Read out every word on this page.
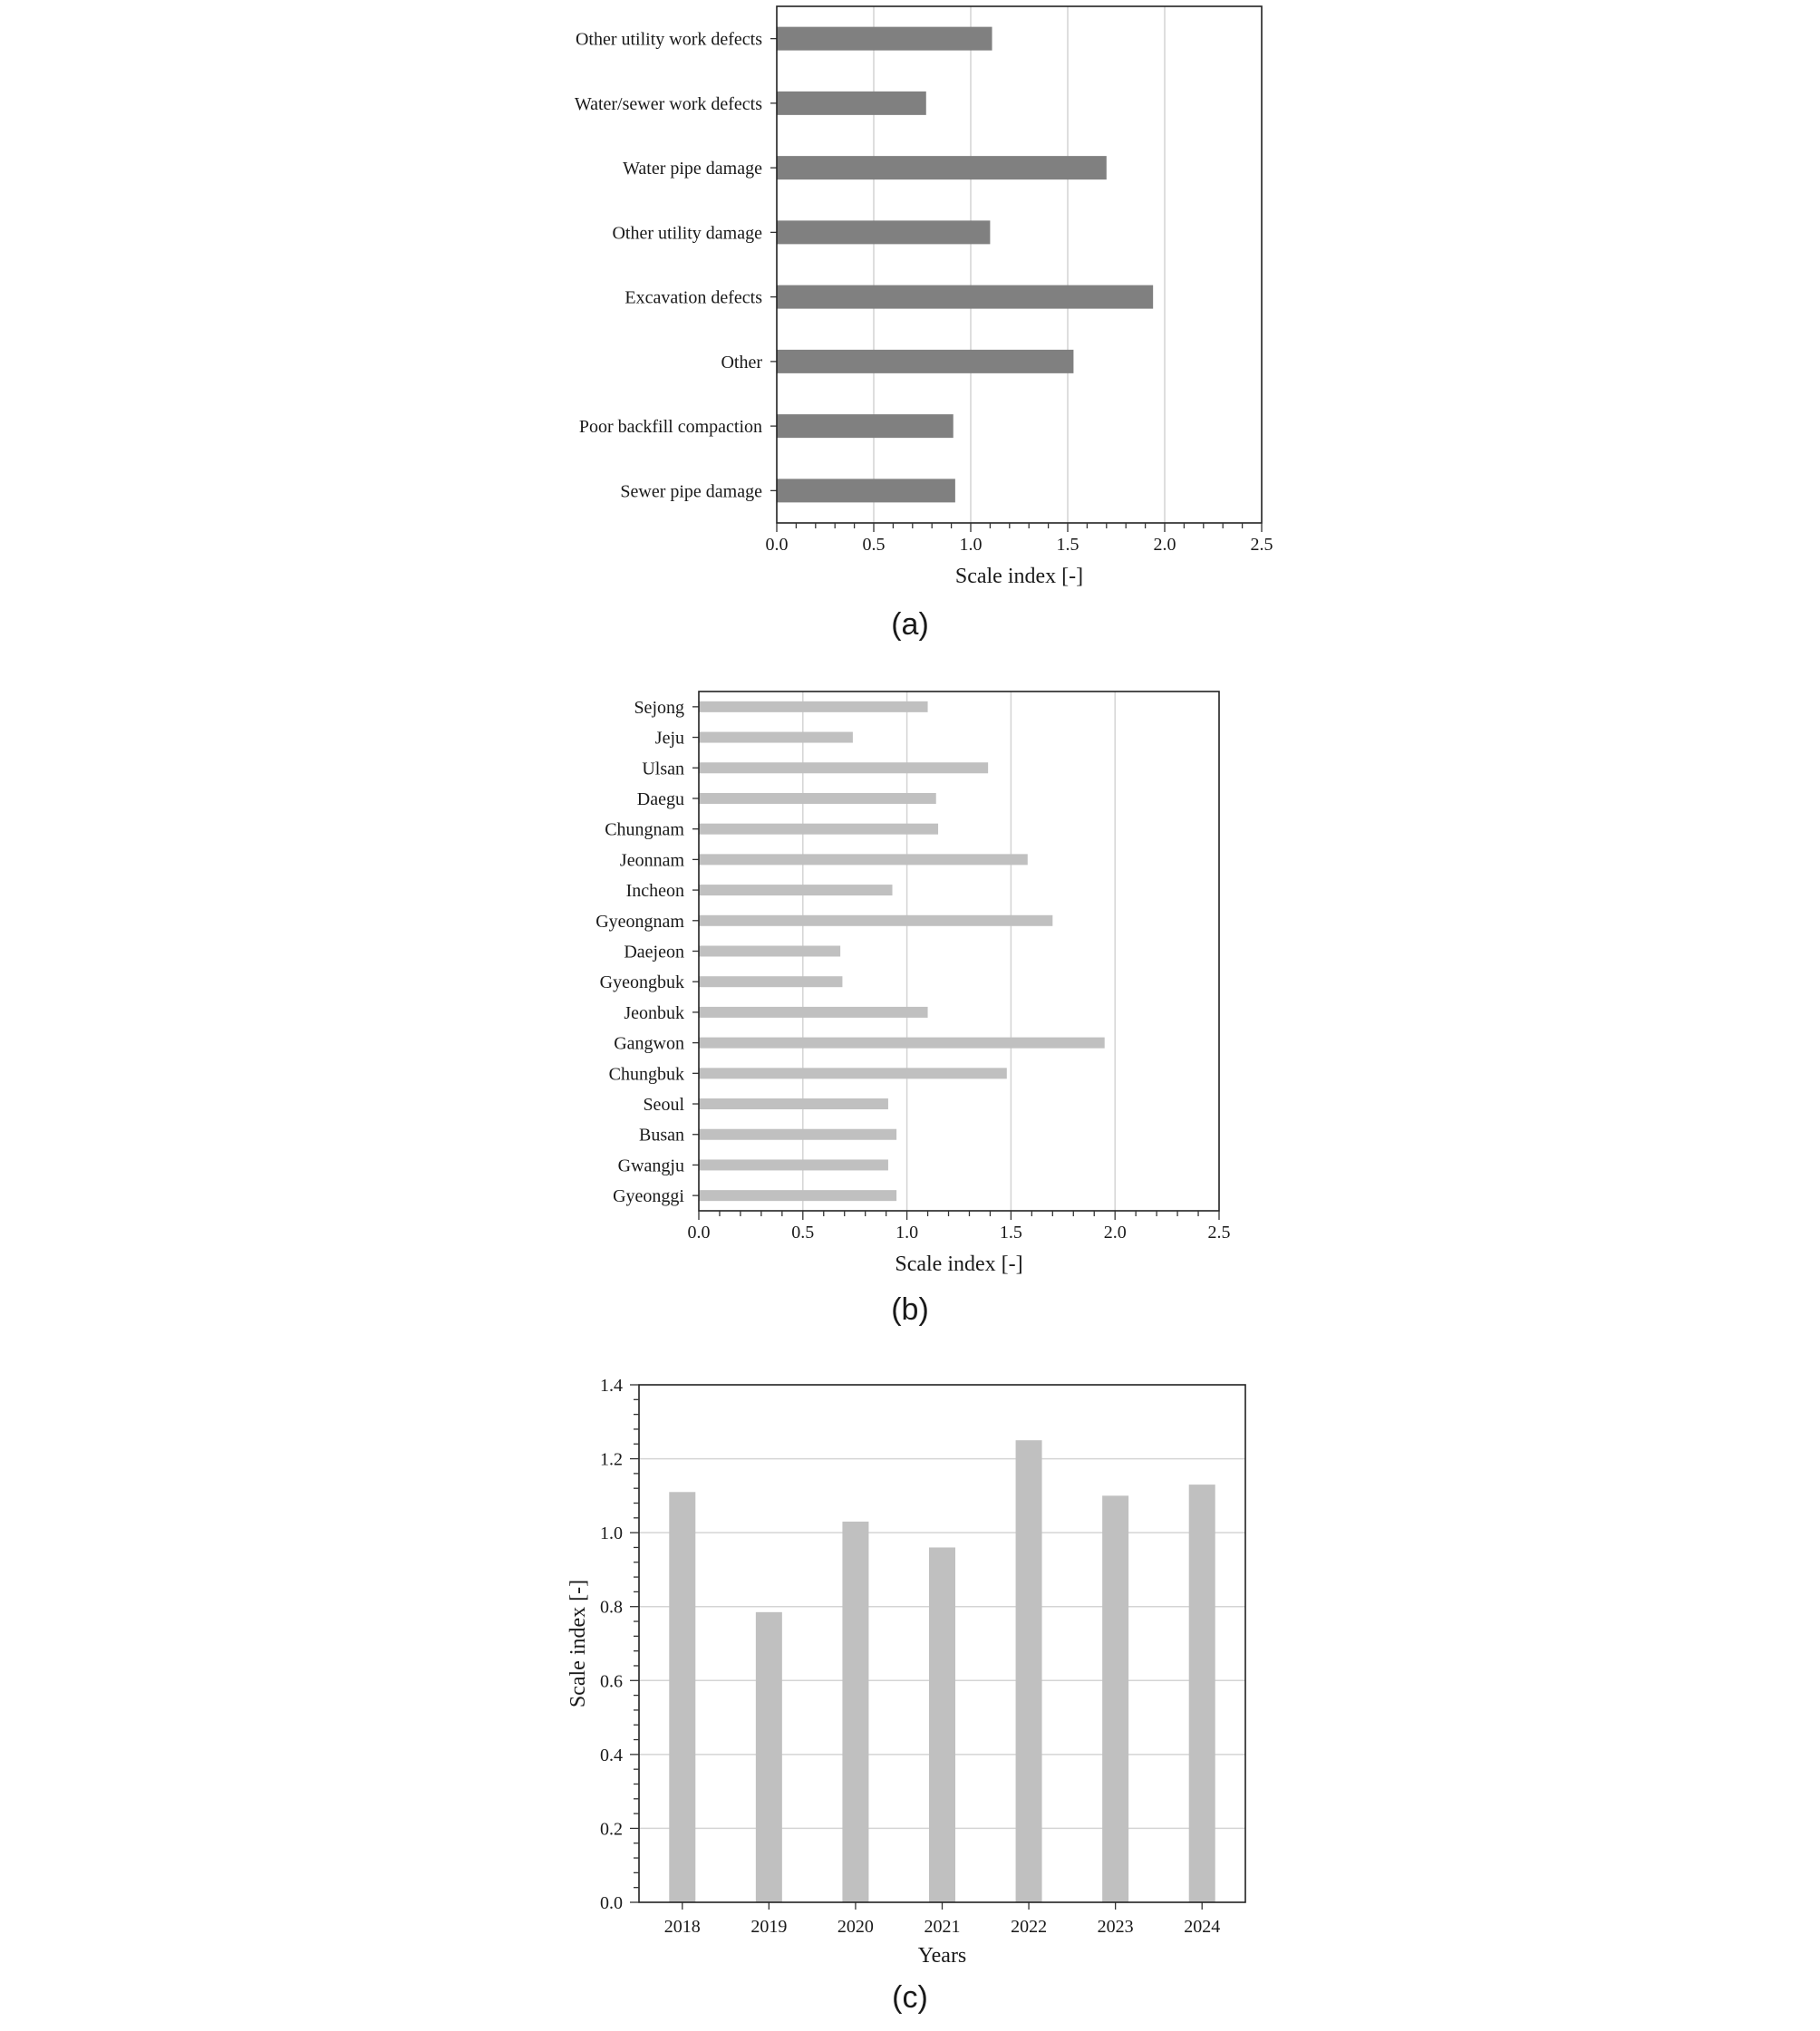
Other utility work defects
Water/sewer work defects
Water pipe damage
Other utility damage
Excavation defects
Other
Poor backfill compaction
Sewer pipe damage
0.0	0.5	1.0	1.5	2.0	2.5
Scale index [-]
(a)
Sejong
Jeju
Ulsan
Daegu
Chungnam
Jeonnam
Incheon
Gyeongnam
Daejeon
Gyeongbuk
Jeonbuk
Gangwon
Chungbuk
Seoul
Busan
Gwangju
Gyeonggi
0.0	0.5	1.0	1.5	2.0	2.5
Scale index [-]
(b)
2018	2019	2020	2021	2022	2023	2024
0.0
0.2
0.4
0.6
0.8
1.0
1.2
1.4
Years
Scale index [-]
(c)
